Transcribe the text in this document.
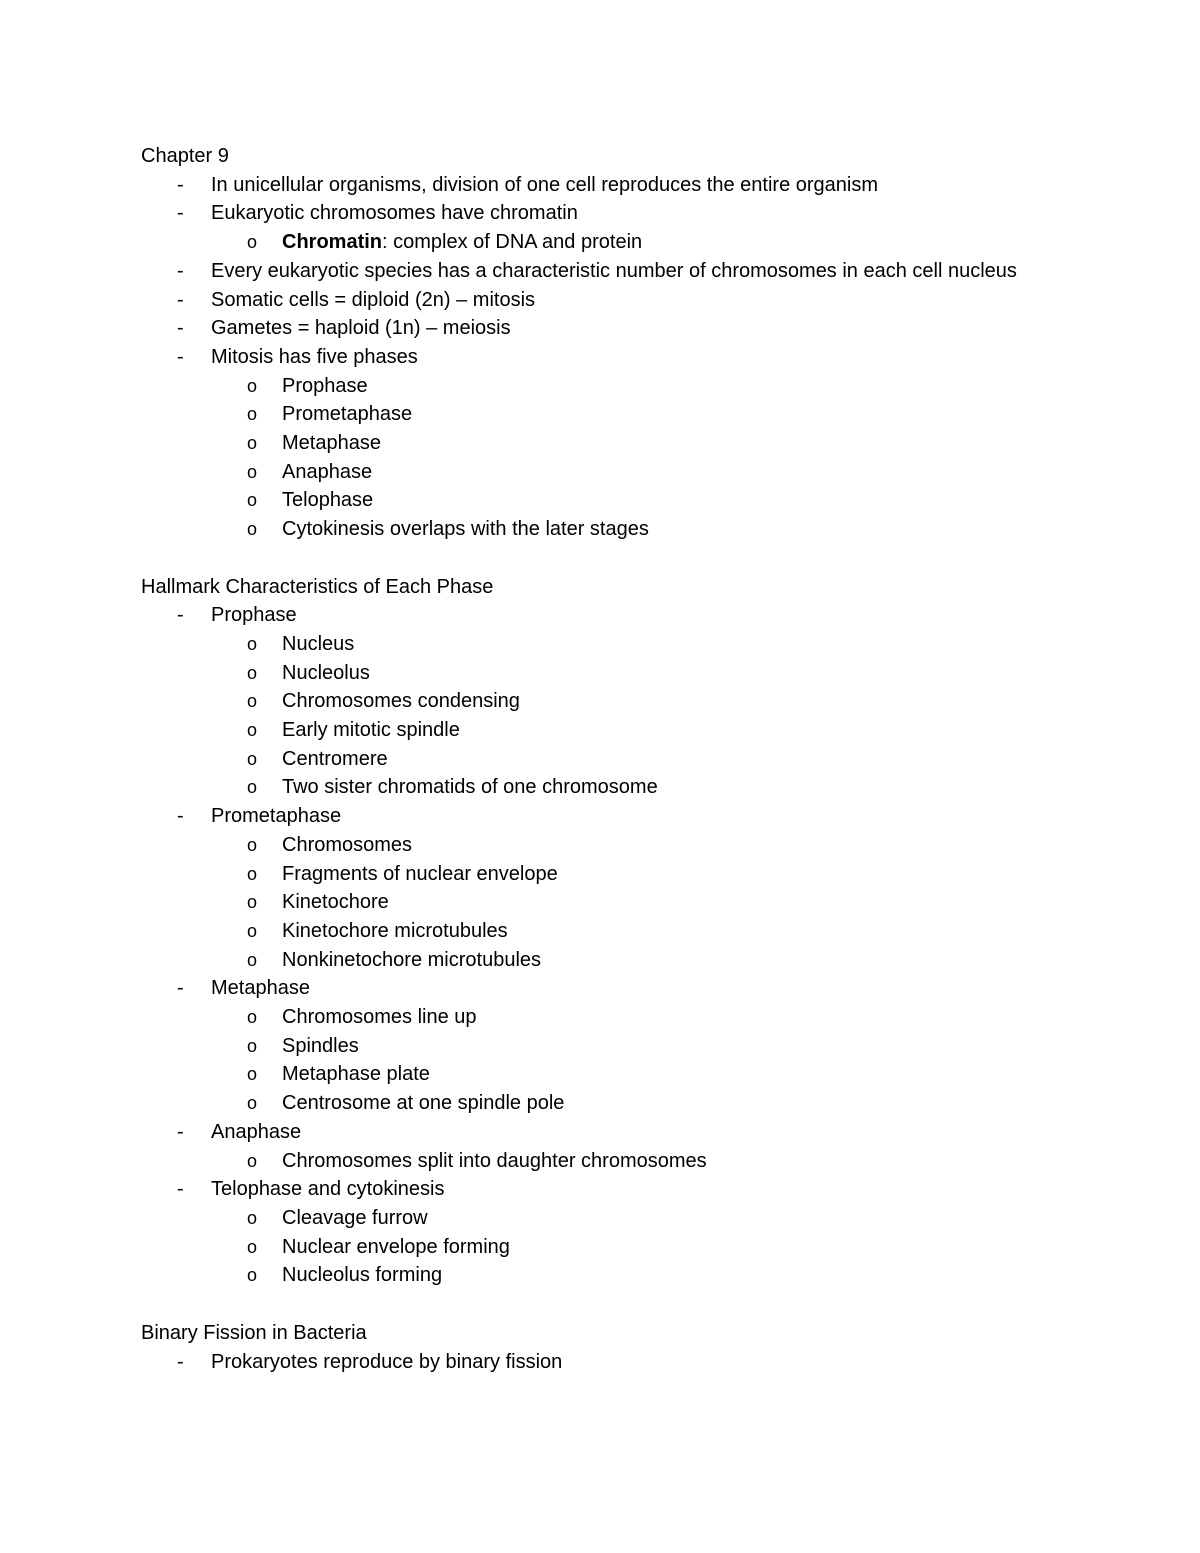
Chapter 9
- In unicellular organisms, division of one cell reproduces the entire organism
- Eukaryotic chromosomes have chromatin
o Chromatin: complex of DNA and protein
- Every eukaryotic species has a characteristic number of chromosomes in each cell nucleus
- Somatic cells = diploid (2n) – mitosis
- Gametes = haploid (1n) – meiosis
- Mitosis has five phases
o Prophase
o Prometaphase
o Metaphase
o Anaphase
o Telophase
o Cytokinesis overlaps with the later stages
Hallmark Characteristics of Each Phase
- Prophase
o Nucleus
o Nucleolus
o Chromosomes condensing
o Early mitotic spindle
o Centromere
o Two sister chromatids of one chromosome
- Prometaphase
o Chromosomes
o Fragments of nuclear envelope
o Kinetochore
o Kinetochore microtubules
o Nonkinetochore microtubules
- Metaphase
o Chromosomes line up
o Spindles
o Metaphase plate
o Centrosome at one spindle pole
- Anaphase
o Chromosomes split into daughter chromosomes
- Telophase and cytokinesis
o Cleavage furrow
o Nuclear envelope forming
o Nucleolus forming
Binary Fission in Bacteria
- Prokaryotes reproduce by binary fission
